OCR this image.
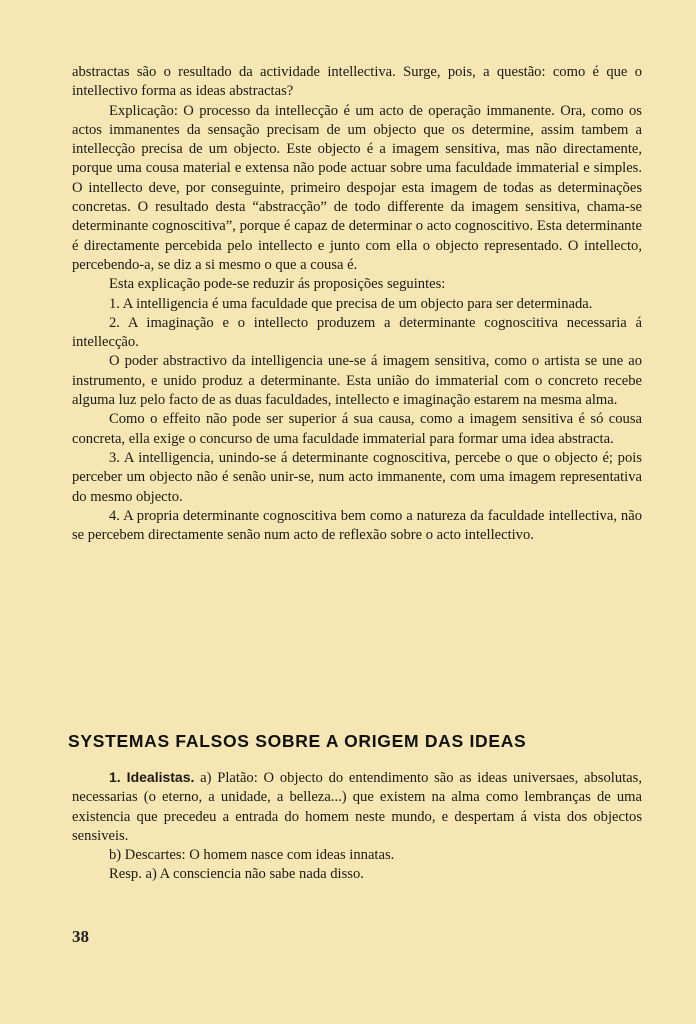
abstractas são o resultado da actividade intellectiva. Surge, pois, a questão: como é que o intellectivo forma as ideas abstractas?

Explicação: O processo da intellecção é um acto de operação immanente. Ora, como os actos immanentes da sensação precisam de um objecto que os determine, assim tambem a intellecção precisa de um objecto. Este objecto é a imagem sensitiva, mas não directamente, porque uma cousa material e extensa não pode actuar sobre uma faculdade immaterial e simples. O intellecto deve, por conseguinte, primeiro despojar esta imagem de todas as determinações concretas. O resultado desta “abstracção” de todo differente da imagem sensitiva, chama-se determinante cognoscitiva”, porque é capaz de determinar o acto cognoscitivo. Esta determinante é directamente percebida pelo intellecto e junto com ella o objecto representado. O intellecto, percebendo-a, se diz a si mesmo o que a cousa é.

Esta explicação pode-se reduzir ás proposições seguintes:

1. A intelligencia é uma faculdade que precisa de um objecto para ser determinada.

2. A imaginação e o intellecto produzem a determinante cognoscitiva necessaria á intellecção.

O poder abstractivo da intelligencia une-se á imagem sensitiva, como o artista se une ao instrumento, e unido produz a determinante. Esta união do immaterial com o concreto recebe alguma luz pelo facto de as duas faculdades, intellecto e imaginação estarem na mesma alma.

Como o effeito não pode ser superior á sua causa, como a imagem sensitiva é só cousa concreta, ella exige o concurso de uma faculdade immaterial para formar uma idea abstracta.

3. A intelligencia, unindo-se á determinante cognoscitiva, percebe o que o objecto é; pois perceber um objecto não é senão unir-se, num acto immanente, com uma imagem representativa do mesmo objecto.

4. A propria determinante cognoscitiva bem como a natureza da faculdade intellectiva, não se percebem directamente senão num acto de reflexão sobre o acto intellectivo.

SYSTEMAS FALSOS SOBRE A ORIGEM DAS IDEAS

1. Idealistas. a) Platão: O objecto do entendimento são as ideas universaes, absolutas, necessarias (o eterno, a unidade, a belleza...) que existem na alma como lembranças de uma existencia que precedeu a entrada do homem neste mundo, e despertam á vista dos objectos sensiveis.

b) Descartes: O homem nasce com ideas innatas.

Resp. a) A consciencia não sabe nada disso.

38
